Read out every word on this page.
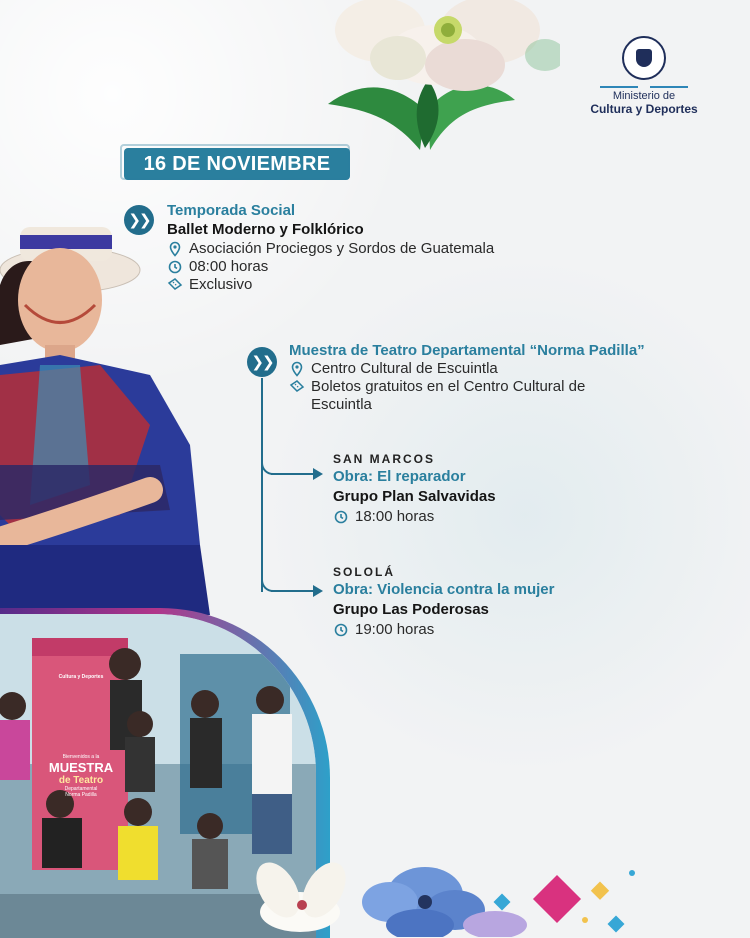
Ministerio de
Cultura y Deportes
16 DE NOVIEMBRE
❯❯
Temporada Social
Ballet Moderno y Folklórico
Asociación Prociegos y Sordos de Guatemala
08:00 horas
Exclusivo
❯❯
Muestra de Teatro Departamental “Norma Padilla”
Centro Cultural de Escuintla
Boletos gratuitos en el Centro Cultural de
Escuintla
SAN MARCOS
Obra: El reparador
Grupo Plan Salvavidas
18:00 horas
SOLOLÁ
Obra: Violencia contra la mujer
Grupo Las Poderosas
19:00 horas
Cultura y Deportes
Bienvenidos a la
MUESTRA
de Teatro
Departamental
Norma Padilla
